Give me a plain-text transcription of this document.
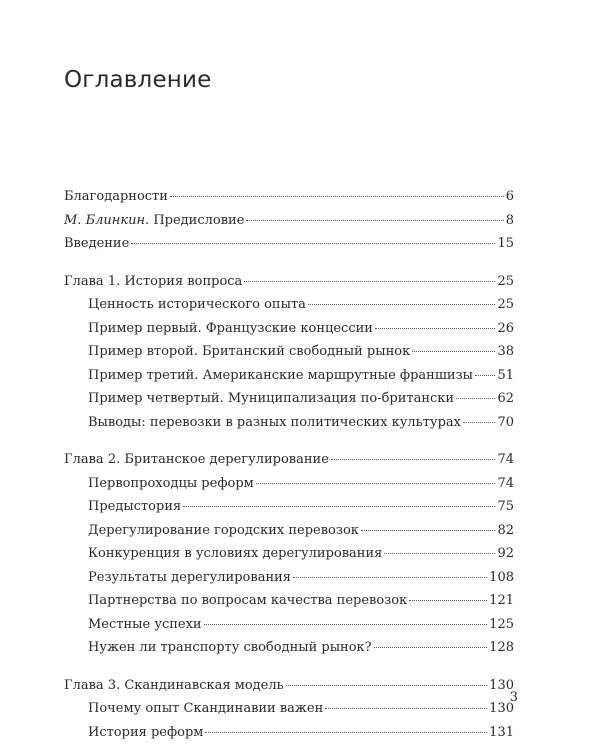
Оглавление
Благодарности	6
М. Блинкин. Предисловие	8
Введение	15
Глава 1. История вопроса	25
Ценность исторического опыта	25
Пример первый. Французские концессии	26
Пример второй. Британский свободный рынок	38
Пример третий. Американские маршрутные франшизы 51
Пример четвертый. Муниципализация по-британски	62
Выводы: перевозки в разных политических культурах	70
Глава 2. Британское дерегулирование	74
Первопроходцы реформ	74
Предыстория	75
Дерегулирование городских перевозок	82
Конкуренция в условиях дерегулирования	92
Результаты дерегулирования	108
Партнерства по вопросам качества перевозок	121
Местные успехи	125
Нужен ли транспорту свободный рынок?	128
Глава 3. Скандинавская модель	130
Почему опыт Скандинавии важен	130
История реформ	131
3
